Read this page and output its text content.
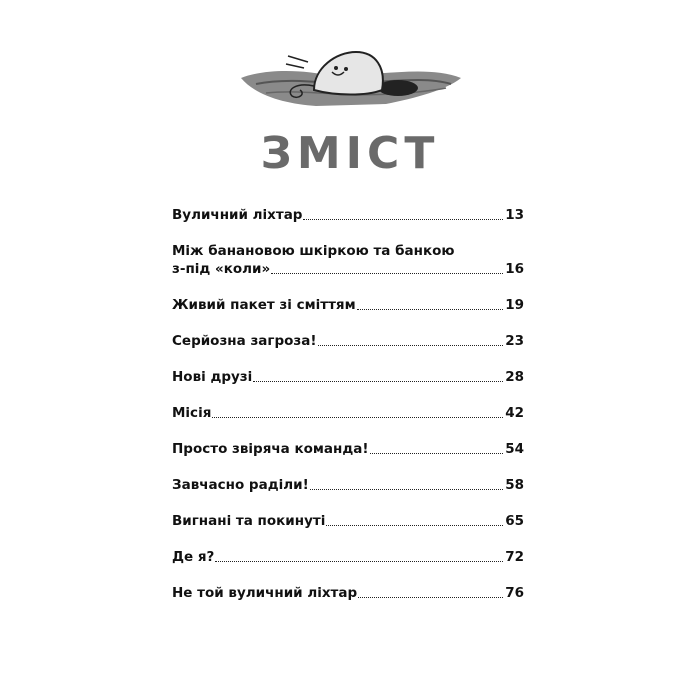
ЗМІСТ
Вуличний ліхтар	13
Між банановою шкіркою та банкою
з-під «коли»	16
Живий пакет зі сміттям	19
Серйозна загроза!	23
Нові друзі	28
Місія	42
Просто звіряча команда!	54
Завчасно раділи!	58
Вигнані та покинуті	65
Де я?	72
Не той вуличний ліхтар	76
